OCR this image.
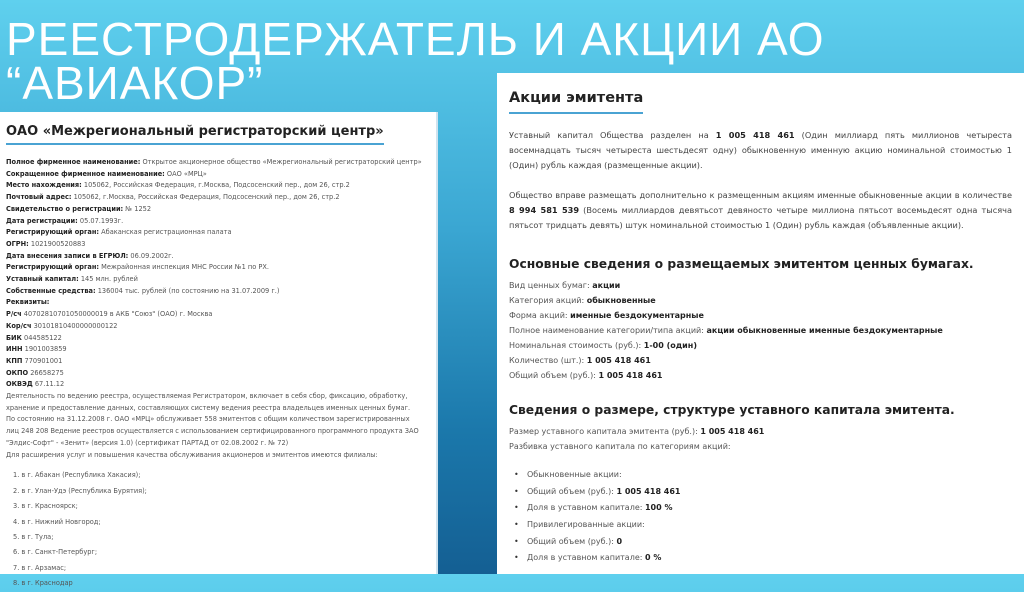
РЕЕСТРОДЕРЖАТЕЛЬ И АКЦИИ АО
“АВИАКОР”
ОАО «Межрегиональный регистраторский центр»
Полное фирменное наименование: Открытое акционерное общество «Межрегиональный регистраторский центр»
Сокращенное фирменное наименование: ОАО «МРЦ»
Место нахождения: 105062, Российская Федерация, г.Москва, Подсосенский пер., дом 26, стр.2
Почтовый адрес: 105062, г.Москва, Российская Федерация, Подсосенский пер., дом 26, стр.2
Свидетельство о регистрации: № 1252
Дата регистрации: 05.07.1993г.
Регистрирующий орган: Абаканская регистрационная палата
ОГРН: 1021900520883
Дата внесения записи в ЕГРЮЛ: 06.09.2002г.
Регистрирующий орган: Межрайонная инспекция МНС России №1 по РХ.
Уставный капитал: 145 млн. рублей
Собственные средства: 136004 тыс. рублей (по состоянию на 31.07.2009 г.)
Реквизиты:
Р/сч 40702810701050000019 в АКБ "Союз" (ОАО) г. Москва
Кор/сч 30101810400000000122
БИК 044585122
ИНН 1901003859
КПП 770901001
ОКПО 26658275
ОКВЭД 67.11.12
Деятельность по ведению реестра, осуществляемая Регистратором, включает в себя сбор, фиксацию, обработку,
хранение и предоставление данных, составляющих систему ведения реестра владельцев именных ценных бумаг.
По состоянию на 31.12.2008 г. ОАО «МРЦ» обслуживает 558 эмитентов с общим количеством зарегистрированных
лиц 248 208 Ведение реестров осуществляется с использованием сертифицированного программного продукта ЗАО
"Элдис-Софт" - «Зенит» (версия 1.0) (сертификат ПАРТАД от 02.08.2002 г. № 72)
Для расширения услуг и повышения качества обслуживания акционеров и эмитентов имеются филиалы:
1. в г. Абакан (Республика Хакасия);
2. в г. Улан-Удэ (Республика Бурятия);
3. в г. Красноярск;
4. в г. Нижний Новгород;
5. в г. Тула;
6. в г. Санкт-Петербург;
7. в г. Арзамас;
8. в г. Краснодар
Акции эмитента

Уставный капитал Общества разделен на 1 005 418 461 (Один миллиард пять миллионов четыреста восемнадцать тысяч четыреста шестьдесят одну) обыкновенную именную акцию номинальной стоимостью 1 (Один) рубль каждая (размещенные акции).

Общество вправе размещать дополнительно к размещенным акциям именные обыкновенные акции в количестве 8 994 581 539 (Восемь миллиардов девятьсот девяносто четыре миллиона пятьсот восемьдесят одна тысяча пятьсот тридцать девять) штук номинальной стоимостью 1 (Один) рубль каждая (объявленные акции).

Основные сведения о размещаемых эмитентом ценных бумагах.
Вид ценных бумаг: акции
Категория акций: обыкновенные
Форма акций: именные бездокументарные
Полное наименование категории/типа акций: акции обыкновенные именные бездокументарные
Номинальная стоимость (руб.): 1-00 (один)
Количество (шт.): 1 005 418 461
Общий объем (руб.): 1 005 418 461
Сведения о размере, структуре уставного капитала эмитента.
Размер уставного капитала эмитента (руб.): 1 005 418 461
Разбивка уставного капитала по категориям акций:
• Обыкновенные акции:
• Общий объем (руб.): 1 005 418 461
• Доля в уставном капитале: 100 %
• Привилегированные акции:
• Общий объем (руб.): 0
• Доля в уставном капитале: 0 %
